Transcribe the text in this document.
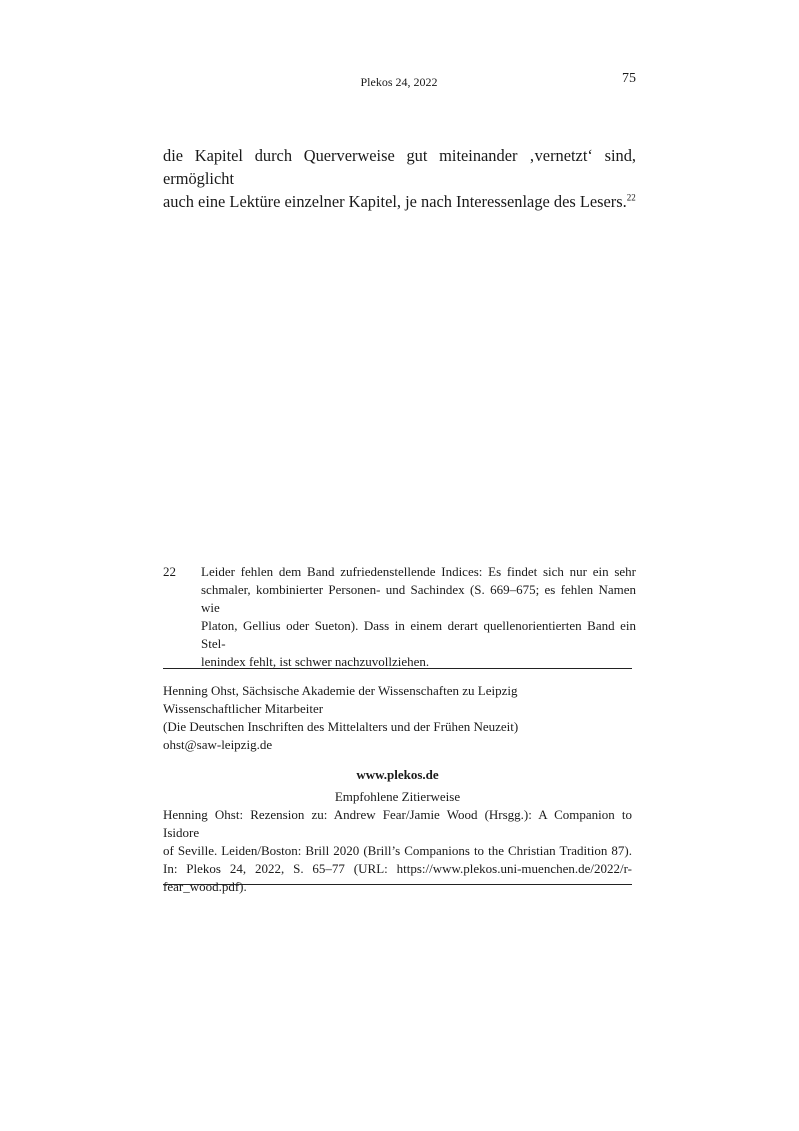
Plekos 24, 2022	75

die Kapitel durch Querverweise gut miteinander ‚vernetzt‘ sind, ermöglicht
auch eine Lektüre einzelner Kapitel, je nach Interessenlage des Lesers.$^{22}$

22 Leider fehlen dem Band zufriedenstellende Indices: Es findet sich nur ein sehr
schmaler, kombinierter Personen- und Sachindex (S. 669–675; es fehlen Namen wie
Platon, Gellius oder Sueton). Dass in einem derart quellenorientierten Band ein Stel-
lenindex fehlt, ist schwer nachzuvollziehen.
Henning Ohst, Sächsische Akademie der Wissenschaften zu Leipzig
Wissenschaftlicher Mitarbeiter
(Die Deutschen Inschriften des Mittelalters und der Frühen Neuzeit)
ohst@saw-leipzig.de
www.plekos.de
Empfohlene Zitierweise
Henning Ohst: Rezension zu: Andrew Fear/Jamie Wood (Hrsgg.): A Companion to Isidore
of Seville. Leiden/Boston: Brill 2020 (Brill’s Companions to the Christian Tradition 87).
In: Plekos 24, 2022, S. 65–77 (URL: https://www.plekos.uni-muenchen.de/2022/r-
fear_wood.pdf).
